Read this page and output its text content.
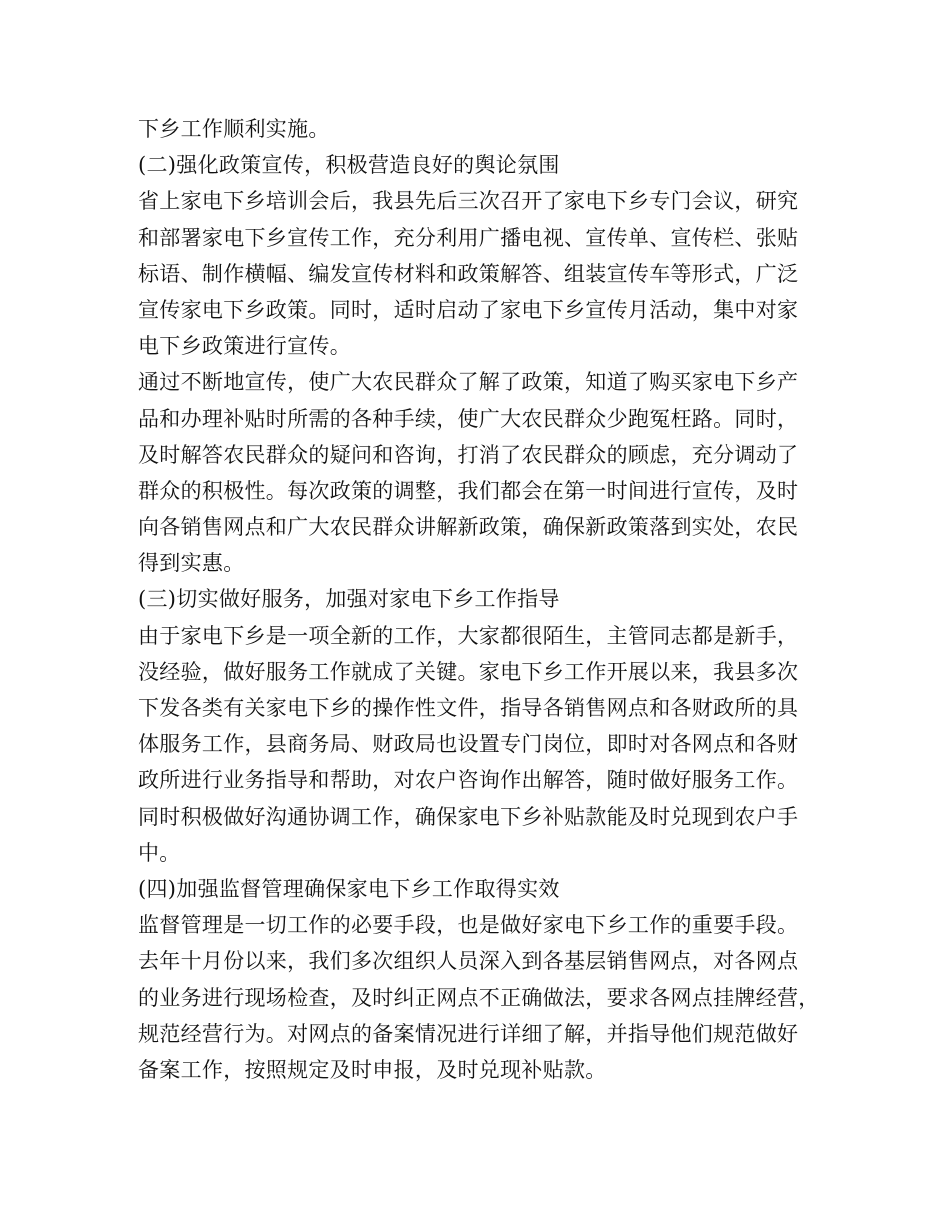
下乡工作顺利实施。
(二)强化政策宣传，积极营造良好的舆论氛围
省上家电下乡培训会后，我县先后三次召开了家电下乡专门会议，研究
和部署家电下乡宣传工作，充分利用广播电视、宣传单、宣传栏、张贴
标语、制作横幅、编发宣传材料和政策解答、组装宣传车等形式，广泛
宣传家电下乡政策。同时，适时启动了家电下乡宣传月活动，集中对家
电下乡政策进行宣传。
通过不断地宣传，使广大农民群众了解了政策，知道了购买家电下乡产
品和办理补贴时所需的各种手续，使广大农民群众少跑冤枉路。同时，
及时解答农民群众的疑问和咨询，打消了农民群众的顾虑，充分调动了
群众的积极性。每次政策的调整，我们都会在第一时间进行宣传，及时
向各销售网点和广大农民群众讲解新政策，确保新政策落到实处，农民
得到实惠。
(三)切实做好服务，加强对家电下乡工作指导
由于家电下乡是一项全新的工作，大家都很陌生，主管同志都是新手，
没经验，做好服务工作就成了关键。家电下乡工作开展以来，我县多次
下发各类有关家电下乡的操作性文件，指导各销售网点和各财政所的具
体服务工作，县商务局、财政局也设置专门岗位，即时对各网点和各财
政所进行业务指导和帮助，对农户咨询作出解答，随时做好服务工作。
同时积极做好沟通协调工作，确保家电下乡补贴款能及时兑现到农户手
中。
(四)加强监督管理确保家电下乡工作取得实效
监督管理是一切工作的必要手段，也是做好家电下乡工作的重要手段。
去年十月份以来，我们多次组织人员深入到各基层销售网点，对各网点
的业务进行现场检查，及时纠正网点不正确做法，要求各网点挂牌经营，
规范经营行为。对网点的备案情况进行详细了解，并指导他们规范做好
备案工作，按照规定及时申报，及时兑现补贴款。
